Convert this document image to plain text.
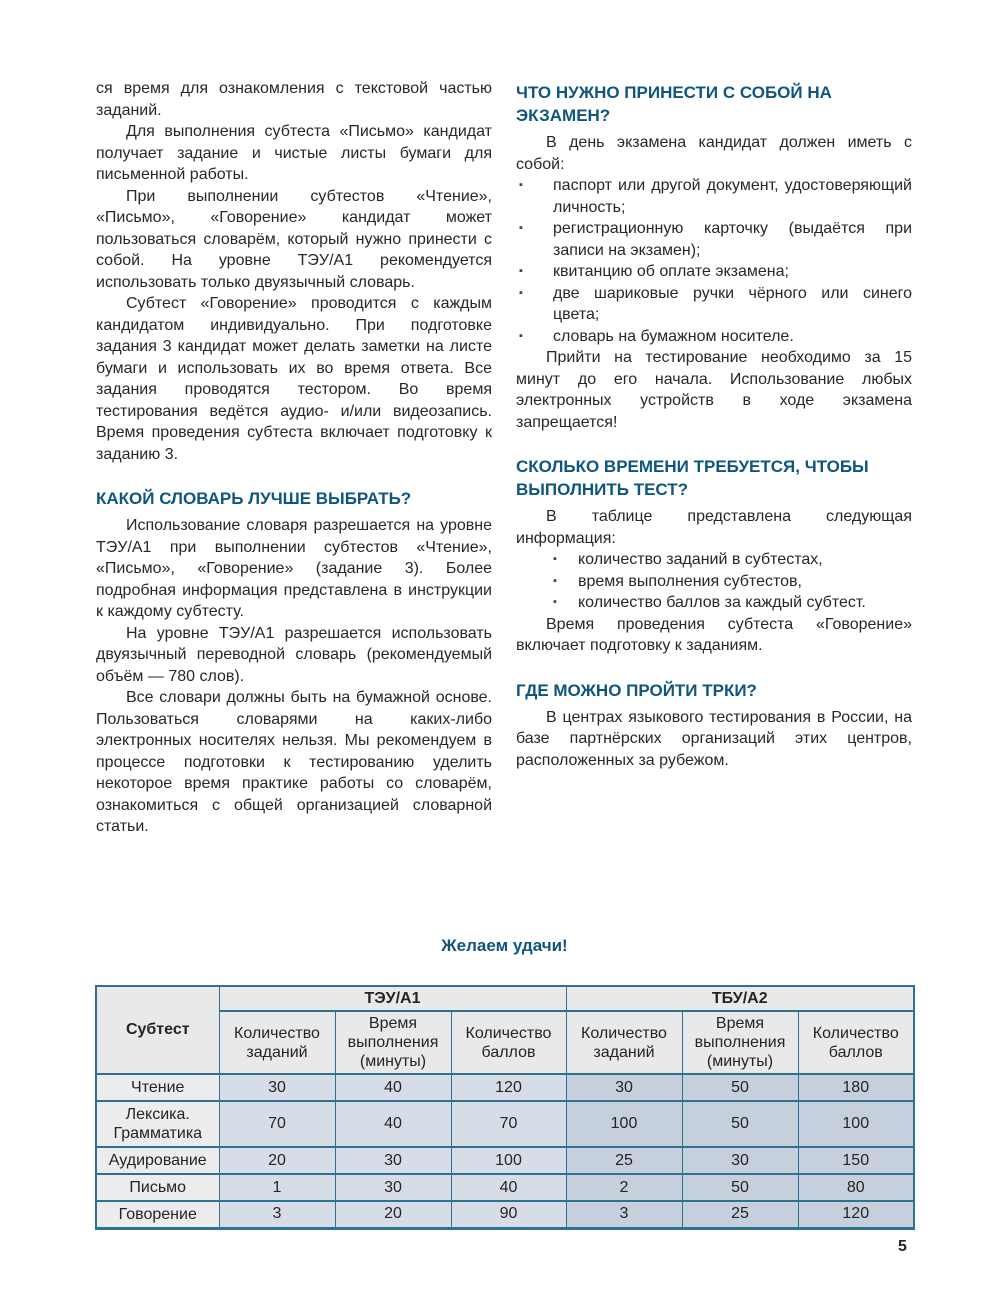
ся время для ознакомления с текстовой частью заданий.

Для выполнения субтеста «Письмо» кандидат получает задание и чистые листы бумаги для письменной работы.

При выполнении субтестов «Чтение», «Письмо», «Говорение» кандидат может пользоваться словарём, который нужно принести с собой. На уровне ТЭУ/А1 рекомендуется использовать только двуязычный словарь.

Субтест «Говорение» проводится с каждым кандидатом индивидуально. При подготовке задания 3 кандидат может делать заметки на листе бумаги и использовать их во время ответа. Все задания проводятся тестором. Во время тестирования ведётся аудио- и/или видеозапись. Время проведения субтеста включает подготовку к заданию 3.

КАКОЙ СЛОВАРЬ ЛУЧШЕ ВЫБРАТЬ?

Использование словаря разрешается на уровне ТЭУ/А1 при выполнении субтестов «Чтение», «Письмо», «Говорение» (задание 3). Более подробная информация представлена в инструкции к каждому субтесту.

На уровне ТЭУ/А1 разрешается использовать двуязычный переводной словарь (рекомендуемый объём — 780 слов).

Все словари должны быть на бумажной основе. Пользоваться словарями на каких-либо электронных носителях нельзя. Мы рекомендуем в процессе подготовки к тестированию уделить некоторое время практике работы со словарём, ознакомиться с общей организацией словарной статьи.

ЧТО НУЖНО ПРИНЕСТИ С СОБОЙ НА ЭКЗАМЕН?

В день экзамена кандидат должен иметь с собой:

▪	паспорт или другой документ, удостоверяющий личность;
▪	регистрационную карточку (выдаётся при записи на экзамен);
▪	квитанцию об оплате экзамена;
▪	две шариковые ручки чёрного или синего цвета;
▪	словарь на бумажном носителе.

Прийти на тестирование необходимо за 15 минут до его начала. Использование любых электронных устройств в ходе экзамена запрещается!

СКОЛЬКО ВРЕМЕНИ ТРЕБУЕТСЯ, ЧТОБЫ ВЫПОЛНИТЬ ТЕСТ?

В таблице представлена следующая информация:

▪	количество заданий в субтестах,
▪	время выполнения субтестов,
▪	количество баллов за каждый субтест.

Время проведения субтеста «Говорение» включает подготовку к заданиям.

ГДЕ МОЖНО ПРОЙТИ ТРКИ?

В центрах языкового тестирования в России, на базе партнёрских организаций этих центров, расположенных за рубежом.

Желаем удачи!
Субтест	ТЭУ/А1			ТБУ/А2		
	Количество заданий	Время выполнения (минуты)	Количество баллов	Количество заданий	Время выполнения (минуты)	Количество баллов
Чтение	30	40	120	30	50	180
Лексика. Грамматика	70	40	70	100	50	100
Аудирование	20	30	100	25	30	150
Письмо	1	30	40	2	50	80
Говорение	3	20	90	3	25	120
5
